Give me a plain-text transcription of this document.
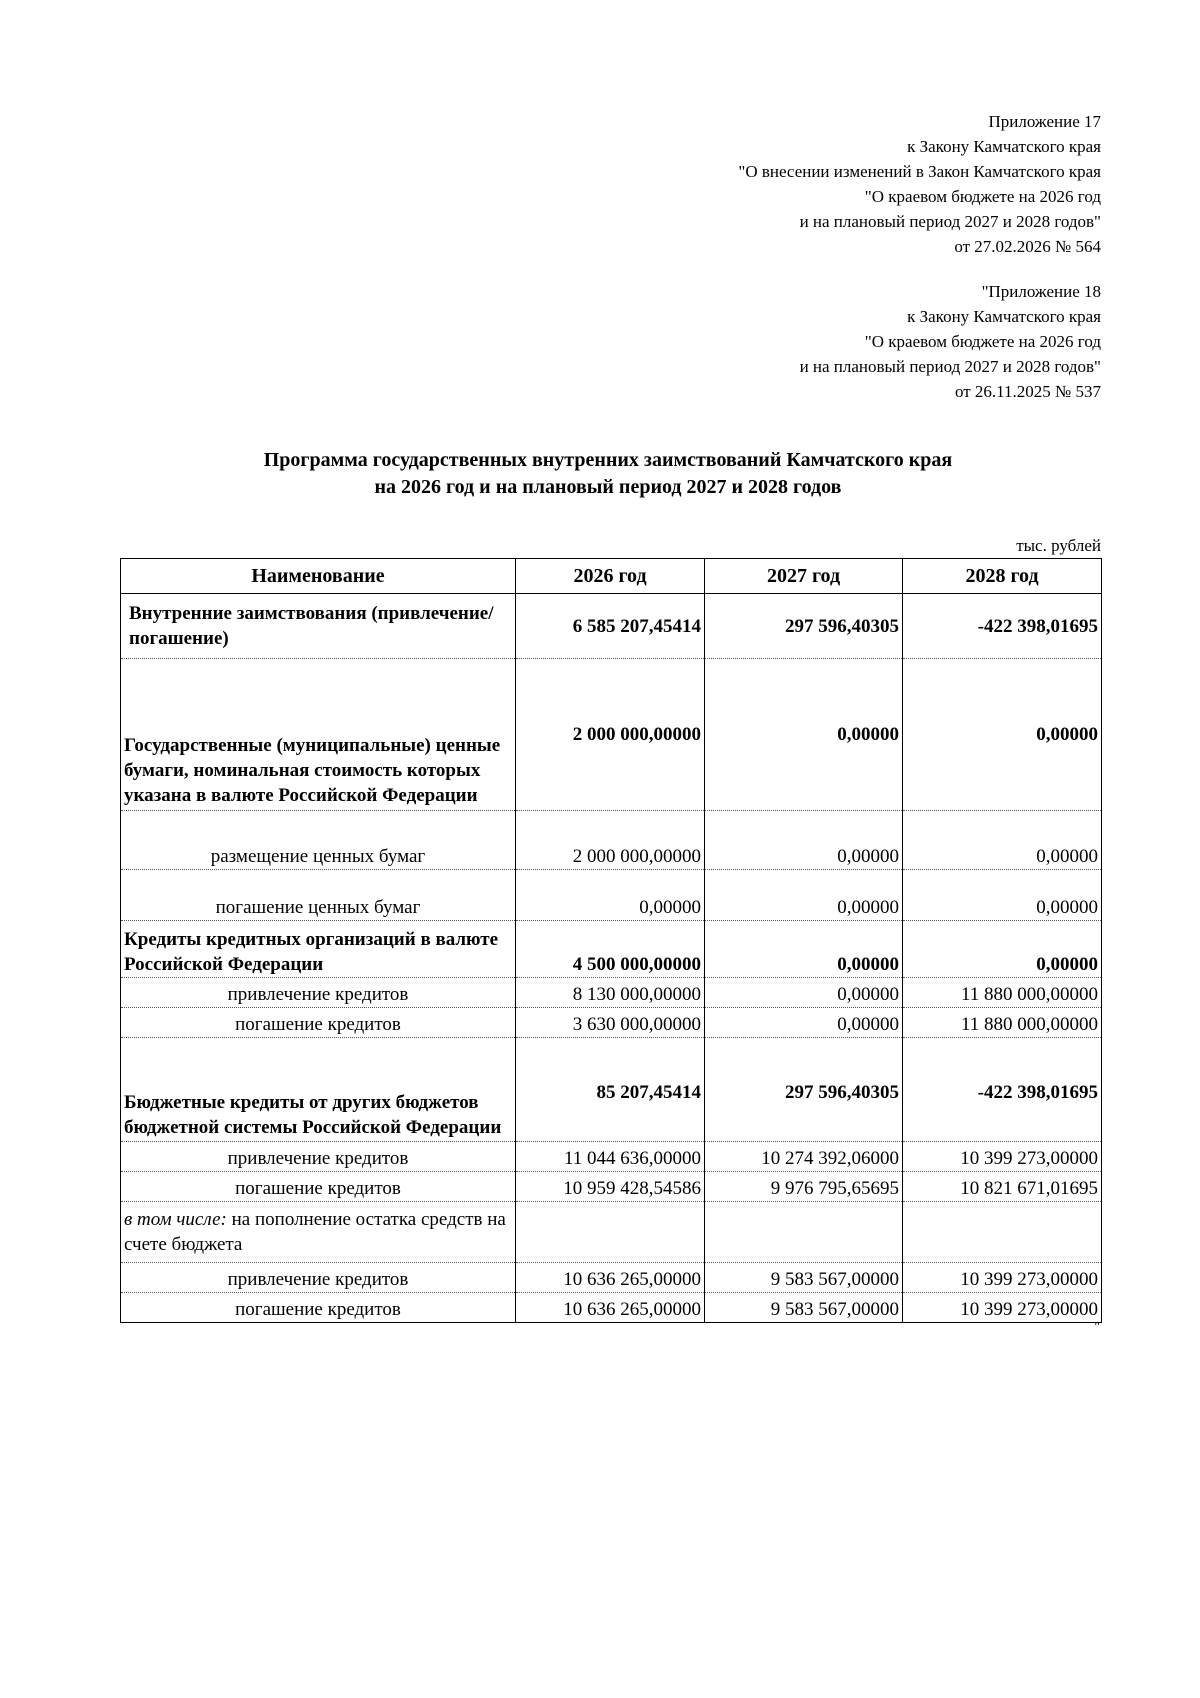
Приложение 17
к Закону Камчатского края
"О внесении изменений в Закон Камчатского края
"О краевом бюджете на 2026 год
и на плановый период 2027 и 2028 годов"
от 27.02.2026 № 564
"Приложение 18
к Закону Камчатского края
"О краевом бюджете на 2026 год
и на плановый период 2027 и 2028 годов"
от 26.11.2025 № 537
Программа государственных внутренних заимствований Камчатского края
на 2026 год и на плановый период 2027 и 2028 годов
тыс. рублей
Наименование	2026 год	2027 год	2028 год
Внутренние заимствования (привлечение/погашение)	6 585 207,45414	297 596,40305	-422 398,01695
Государственные (муниципальные) ценные бумаги, номинальная стоимость которых указана в валюте Российской Федерации	2 000 000,00000	0,00000	0,00000
размещение ценных бумаг	2 000 000,00000	0,00000	0,00000
погашение ценных бумаг	0,00000	0,00000	0,00000
Кредиты кредитных организаций в валюте Российской Федерации	4 500 000,00000	0,00000	0,00000
привлечение кредитов	8 130 000,00000	0,00000	11 880 000,00000
погашение кредитов	3 630 000,00000	0,00000	11 880 000,00000
Бюджетные кредиты от других бюджетов бюджетной системы Российской Федерации	85 207,45414	297 596,40305	-422 398,01695
привлечение кредитов	11 044 636,00000	10 274 392,06000	10 399 273,00000
погашение кредитов	10 959 428,54586	9 976 795,65695	10 821 671,01695
в том числе: на пополнение остатка средств на счете бюджета			
привлечение кредитов	10 636 265,00000	9 583 567,00000	10 399 273,00000
погашение кредитов	10 636 265,00000	9 583 567,00000	10 399 273,00000
"
